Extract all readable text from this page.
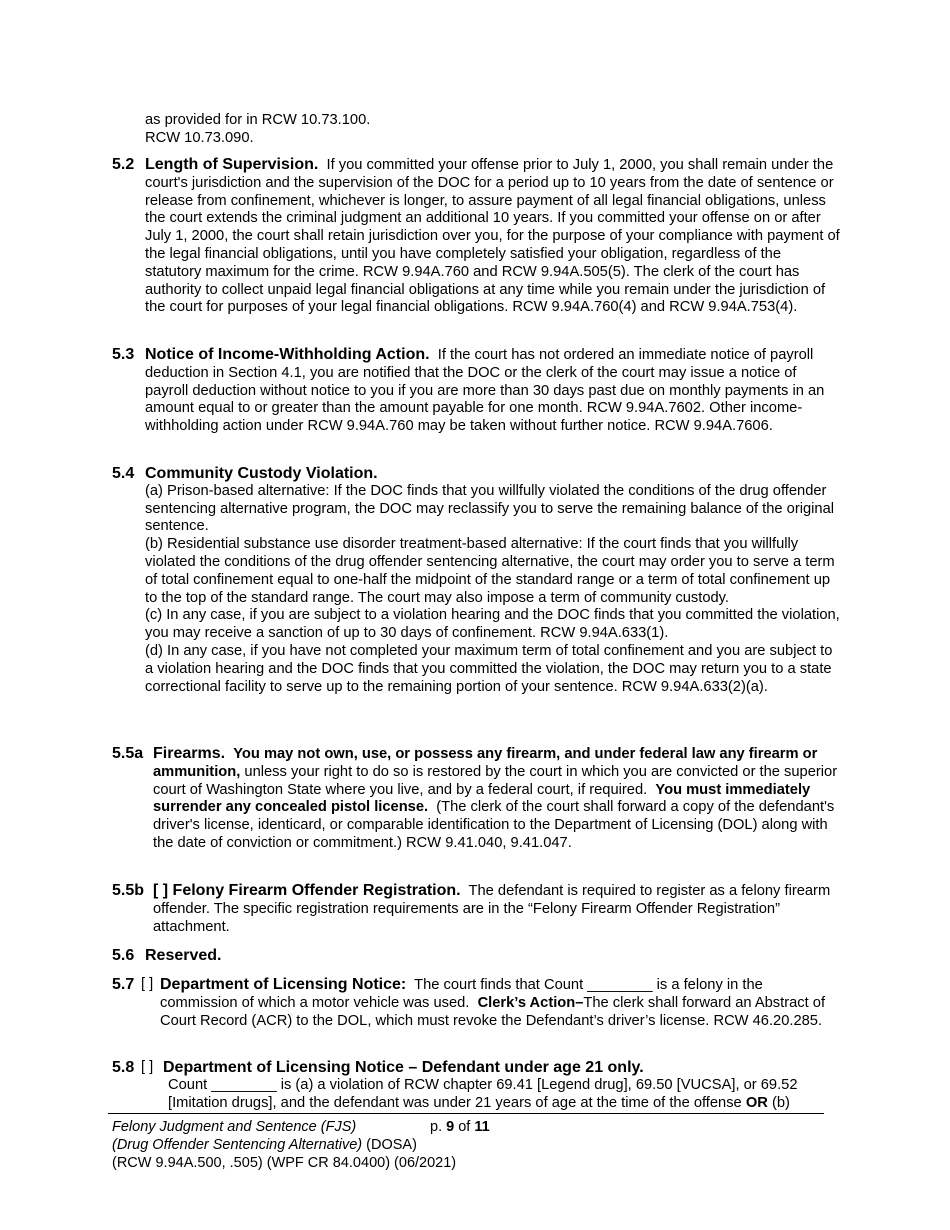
as provided for in RCW 10.73.100.

RCW 10.73.090.

5.2 Length of Supervision. If you committed your offense prior to July 1, 2000, you shall remain under the court's jurisdiction and the supervision of the DOC for a period up to 10 years from the date of sentence or release from confinement, whichever is longer, to assure payment of all legal financial obligations, unless the court extends the criminal judgment an additional 10 years. If you committed your offense on or after July 1, 2000, the court shall retain jurisdiction over you, for the purpose of your compliance with payment of the legal financial obligations, until you have completely satisfied your obligation, regardless of the statutory maximum for the crime. RCW 9.94A.760 and RCW 9.94A.505(5). The clerk of the court has authority to collect unpaid legal financial obligations at any time while you remain under the jurisdiction of the court for purposes of your legal financial obligations. RCW 9.94A.760(4) and RCW 9.94A.753(4).

5.3 Notice of Income-Withholding Action. If the court has not ordered an immediate notice of payroll deduction in Section 4.1, you are notified that the DOC or the clerk of the court may issue a notice of payroll deduction without notice to you if you are more than 30 days past due on monthly payments in an amount equal to or greater than the amount payable for one month. RCW 9.94A.7602. Other income-withholding action under RCW 9.94A.760 may be taken without further notice. RCW 9.94A.7606.

5.4 Community Custody Violation.

(a) Prison-based alternative: If the DOC finds that you willfully violated the conditions of the drug offender sentencing alternative program, the DOC may reclassify you to serve the remaining balance of the original sentence.

(b) Residential substance use disorder treatment-based alternative: If the court finds that you willfully violated the conditions of the drug offender sentencing alternative, the court may order you to serve a term of total confinement equal to one-half the midpoint of the standard range or a term of total confinement up to the top of the standard range. The court may also impose a term of community custody.

(c) In any case, if you are subject to a violation hearing and the DOC finds that you committed the violation, you may receive a sanction of up to 30 days of confinement. RCW 9.94A.633(1).

(d) In any case, if you have not completed your maximum term of total confinement and you are subject to a violation hearing and the DOC finds that you committed the violation, the DOC may return you to a state correctional facility to serve up to the remaining portion of your sentence. RCW 9.94A.633(2)(a).

5.5a Firearms. You may not own, use, or possess any firearm, and under federal law any firearm or ammunition, unless your right to do so is restored by the court in which you are convicted or the superior court of Washington State where you live, and by a federal court, if required. You must immediately surrender any concealed pistol license. (The clerk of the court shall forward a copy of the defendant's driver's license, identicard, or comparable identification to the Department of Licensing (DOL) along with the date of conviction or commitment.) RCW 9.41.040, 9.41.047.

5.5b [ ] Felony Firearm Offender Registration. The defendant is required to register as a felony firearm offender. The specific registration requirements are in the “Felony Firearm Offender Registration” attachment.

5.6 Reserved.

5.7 [ ] Department of Licensing Notice: The court finds that Count ________ is a felony in the commission of which a motor vehicle was used. Clerk’s Action–The clerk shall forward an Abstract of Court Record (ACR) to the DOL, which must revoke the Defendant’s driver’s license. RCW 46.20.285.

5.8 [ ] Department of Licensing Notice – Defendant under age 21 only.

Count ________ is (a) a violation of RCW chapter 69.41 [Legend drug], 69.50 [VUCSA], or 69.52 [Imitation drugs], and the defendant was under 21 years of age at the time of the offense OR (b)

Felony Judgment and Sentence (FJS)	p. 9 of 11
(Drug Offender Sentencing Alternative) (DOSA)
(RCW 9.94A.500, .505) (WPF CR 84.0400) (06/2021)
